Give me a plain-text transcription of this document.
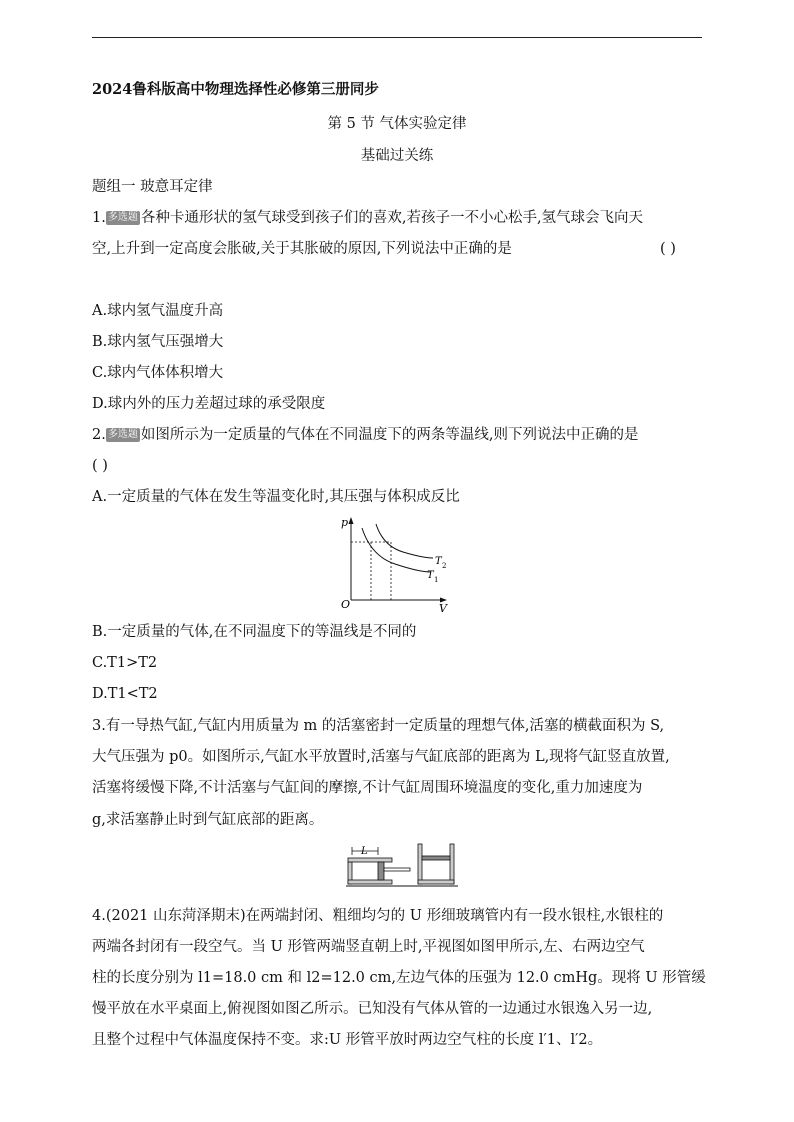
2024鲁科版高中物理选择性必修第三册同步
第 5 节 气体实验定律
基础过关练
题组一 玻意耳定律
1. 多选题 各种卡通形状的氢气球受到孩子们的喜欢,若孩子一不小心松手,氢气球会飞向天
空,上升到一定高度会胀破,关于其胀破的原因,下列说法中正确的是	( )
A.球内氢气温度升高
B.球内氢气压强增大
C.球内气体体积增大
D.球内外的压力差超过球的承受限度
2. 多选题 如图所示为一定质量的气体在不同温度下的两条等温线,则下列说法中正确的是
( )
A.一定质量的气体在发生等温变化时,其压强与体积成反比
p
V
O
T 2
T 1
B.一定质量的气体,在不同温度下的等温线是不同的
C.T1>T2
D.T1<T2
3.有一导热气缸,气缸内用质量为 m 的活塞密封一定质量的理想气体,活塞的横截面积为 S,
大气压强为 p0。如图所示,气缸水平放置时,活塞与气缸底部的距离为 L,现将气缸竖直放置,
活塞将缓慢下降,不计活塞与气缸间的摩擦,不计气缸周围环境温度的变化,重力加速度为
g,求活塞静止时到气缸底部的距离。
L
4.(2021 山东菏泽期末)在两端封闭、粗细均匀的 U 形细玻璃管内有一段水银柱,水银柱的
两端各封闭有一段空气。当 U 形管两端竖直朝上时,平视图如图甲所示,左、右两边空气
柱的长度分别为 l1=18.0 cm 和 l2=12.0 cm,左边气体的压强为 12.0 cmHg。现将 U 形管缓
慢平放在水平桌面上,俯视图如图乙所示。已知没有气体从管的一边通过水银逸入另一边,
且整个过程中气体温度保持不变。求:U 形管平放时两边空气柱的长度 l′1、l′2。
